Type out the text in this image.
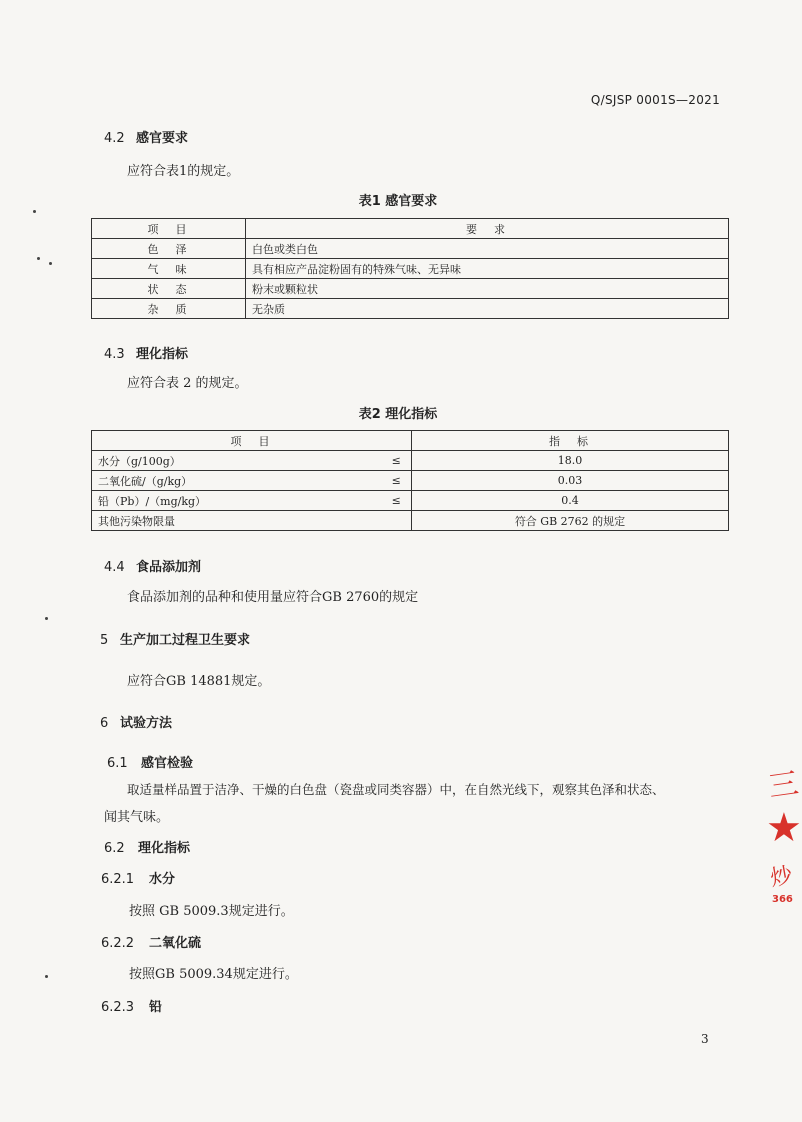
Q/SJSP 0001S—2021
4.2 感官要求
应符合表1的规定。
表1 感官要求
项　目	要　求
色　泽	白色或类白色
气　味	具有相应产品淀粉固有的特殊气味、无异味
状　态	粉末或颗粒状
杂　质	无杂质
4.3 理化指标
应符合表 2 的规定。
表2 理化指标
项　目		指　标
水分（g/100g）	≤	18.0
二氧化硫/（g/kg）	≤	0.03
铅（Pb）/（mg/kg）	≤	0.4
其他污染物限量		符合 GB 2762 的规定
4.4 食品添加剂
食品添加剂的品种和使用量应符合GB 2760的规定
5 生产加工过程卫生要求
应符合GB 14881规定。
6 试验方法
6.1 感官检验
取适量样品置于洁净、干燥的白色盘（瓷盘或同类容器）中，在自然光线下，观察其色泽和状态、
闻其气味。
6.2 理化指标
6.2.1 水分
按照 GB 5009.3规定进行。
6.2.2 二氧化硫
按照GB 5009.34规定进行。
6.2.3 铅
3
三
★
炒
366
